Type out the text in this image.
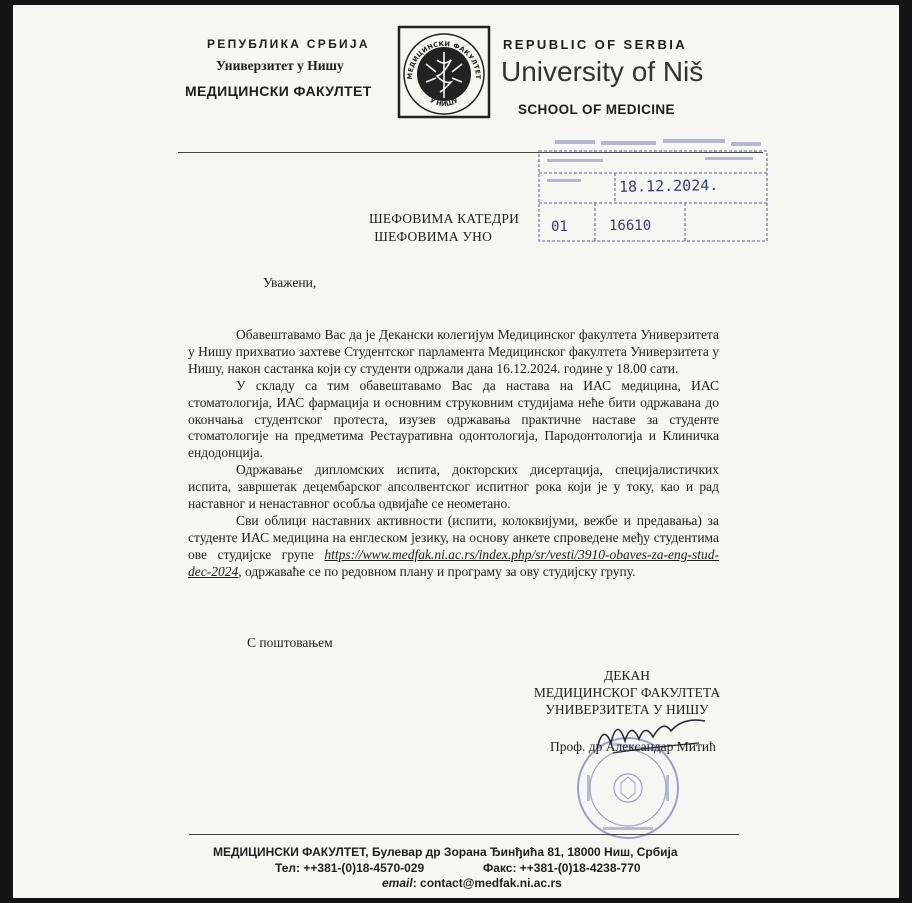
РЕПУБЛИКА СРБИЈА
Универзитет у Нишу
МЕДИЦИНСКИ ФАКУЛТЕТ
МЕДИЦИНСКИ ФАКУЛТЕТ
У НИШУ
REPUBLIC OF SERBIA
University of Niš
SCHOOL OF MEDICINE
18.12.2024.
01	16610
ШЕФОВИМА КАТЕДРИ
ШЕФОВИМА УНО
Уважени,

Обавештавамо Вас да је Декански колегијум Медицинског факултета Универзитета у Нишу прихватио захтеве Студентског парламента Медицинског факултета Универзитета у Нишу, након састанка који су студенти одржали дана 16.12.2024. године у 18.00 сати.

У складу са тим обавештавамо Вас да настава на ИАС медицина, ИАС стоматологија, ИАС фармација и основним струковним студијама неће бити одржавана до окончања студентског протеста, изузев одржавања практичне наставе за студенте стоматологије на предметима Рестауративна одонтологија, Пародонтологија и Клиничка ендодонција.

Одржавање дипломских испита, докторских дисертација, специјалистичких испита, завршетак децембарског апсолвентског испитног рока који је у току, као и рад наставног и ненаставног особља одвијаће се неометано.

Сви облици наставних активности (испити, колоквијуми, вежбе и предавања) за студенте ИАС медицина на енглеском језику, на основу анкете спроведене међу студентима ове студијске групе https://www.medfak.ni.ac.rs/index.php/sr/vesti/3910-obaves-za-eng-stud-dec-2024, одржаваће се по редовном плану и програму за ову студијску групу.

С поштовањем
ДЕКАН
МЕДИЦИНСКОГ ФАКУЛТЕТА
УНИВЕРЗИТЕТА У НИШУ
Проф. др Александар Митић
МЕДИЦИНСКИ ФАКУЛТЕТ, Булевар др Зорана Ђинђића 81, 18000 Ниш, Србија
Тел: ++381-(0)18-4570-029	Факс: ++381-(0)18-4238-770
email: contact@medfak.ni.ac.rs
